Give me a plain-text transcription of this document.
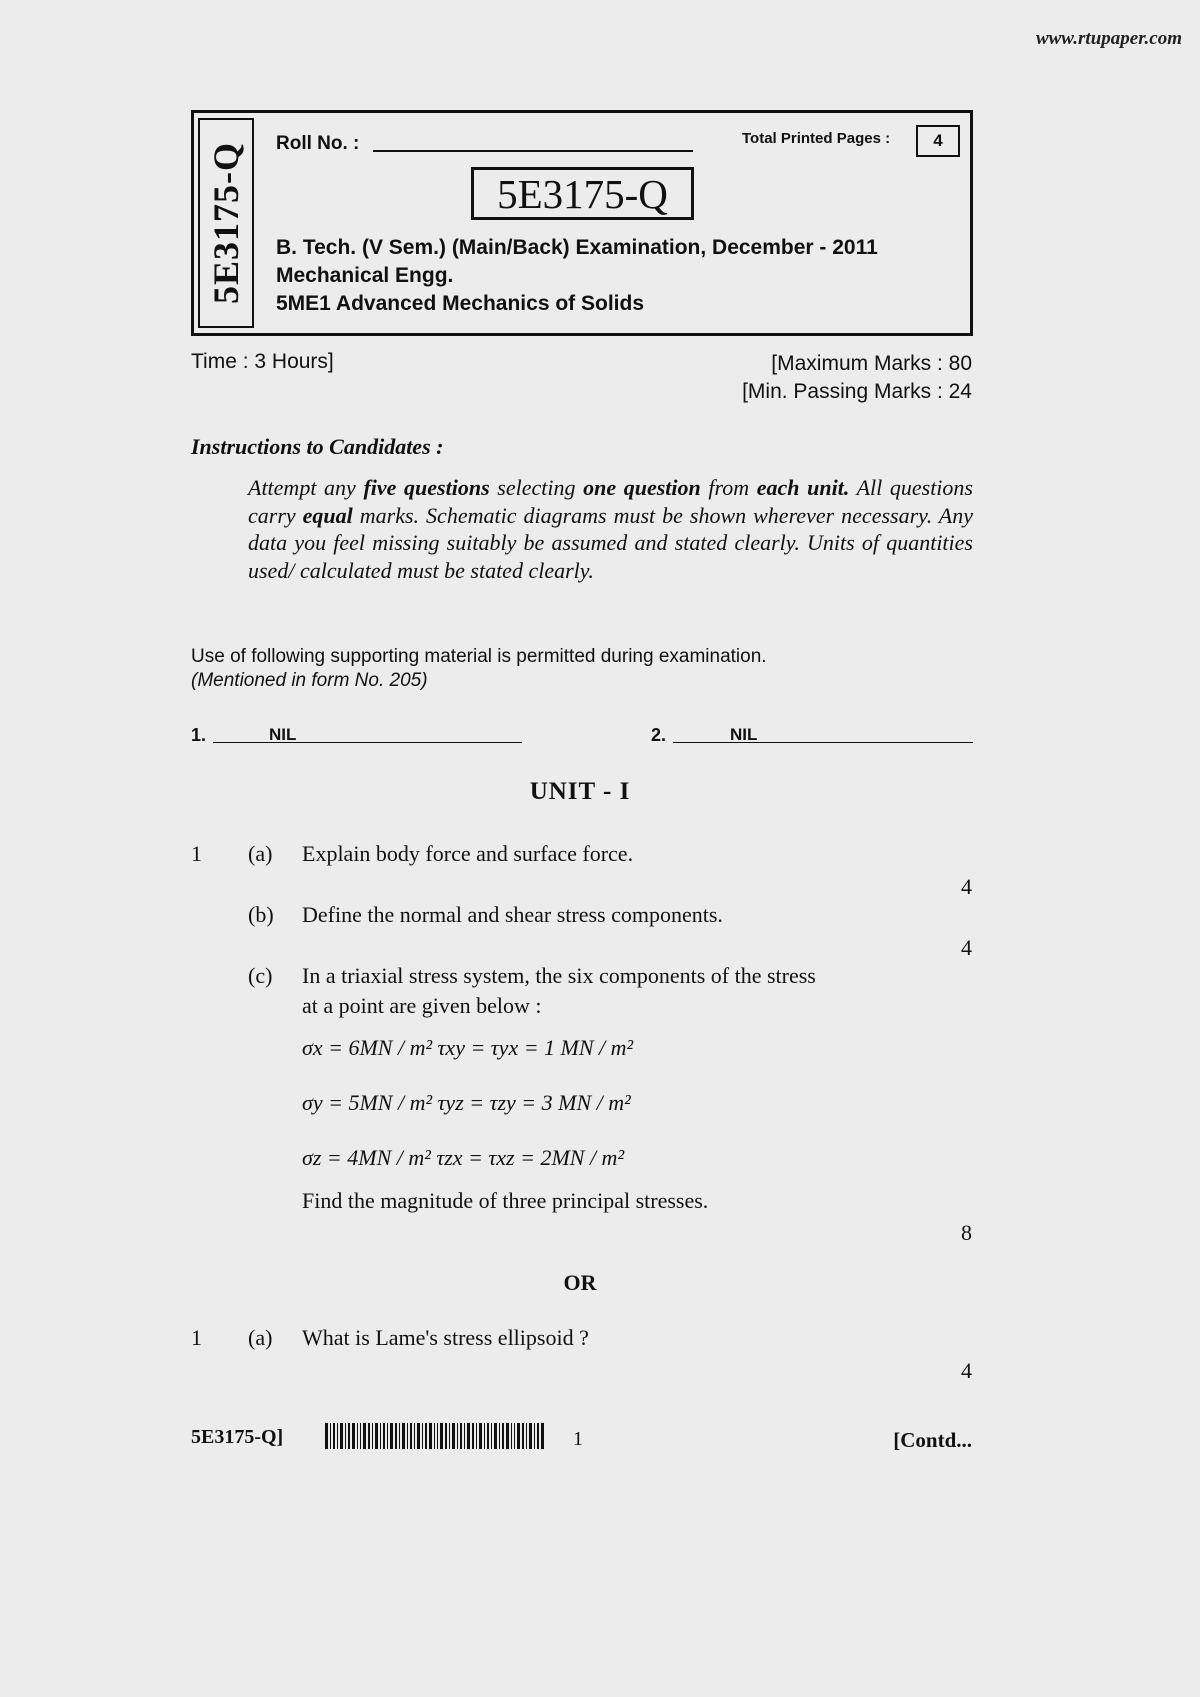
www.rtupaper.com
5E3175-Q Roll No. :	Total Printed Pages :	4
5E3175-Q
B. Tech. (V Sem.) (Main/Back) Examination, December - 2011
Mechanical Engg.
5ME1 Advanced Mechanics of Solids
Time : 3 Hours]	[Maximum Marks : 80
[Min. Passing Marks : 24
Instructions to Candidates :
Attempt any five questions selecting one question from each unit. All questions carry equal marks. Schematic diagrams must be shown wherever necessary. Any data you feel missing suitably be assumed and stated clearly. Units of quantities used/ calculated must be stated clearly.
Use of following supporting material is permitted during examination.
(Mentioned in form No. 205)
1.	NIL	2.	NIL
UNIT - I
1 (a) Explain body force and surface force.
4
(b) Define the normal and shear stress components.
4
(c) In a triaxial stress system, the six components of the stress
at a point are given below :
σx = 6MN / m² τxy = τyx = 1 MN / m²
σy = 5MN / m² τyz = τzy = 3 MN / m²
σz = 4MN / m² τzx = τxz = 2MN / m²
Find the magnitude of three principal stresses.
8
OR
1 (a) What is Lame's stress ellipsoid ?
4
5E3175-Q]	1	[Contd...
